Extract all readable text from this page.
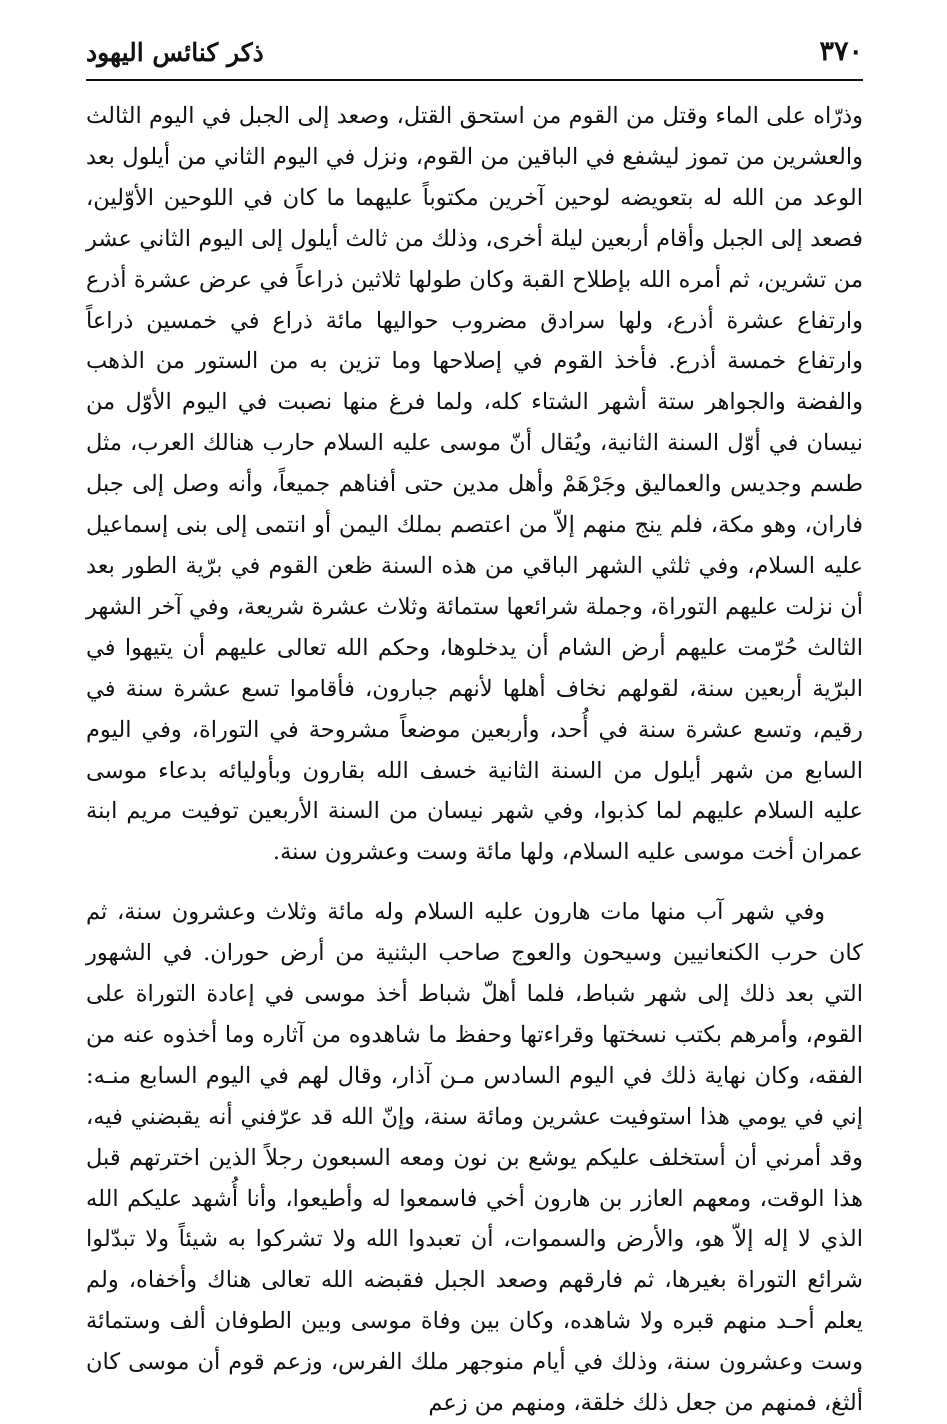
٣٧٠
ذكر كنائس اليهود

وذرّاه على الماء وقتل من القوم من استحق القتل، وصعد إلى الجبل في اليوم الثالث والعشرين من تموز ليشفع في الباقين من القوم، ونزل في اليوم الثاني من أيلول بعد الوعد من الله له بتعويضه لوحين آخرين مكتوباً عليهما ما كان في اللوحين الأوّلين، فصعد إلى الجبل وأقام أربعين ليلة أخرى، وذلك من ثالث أيلول إلى اليوم الثاني عشر من تشرين، ثم أمره الله بإطلاح القبة وكان طولها ثلاثين ذراعاً في عرض عشرة أذرع وارتفاع عشرة أذرع، ولها سرادق مضروب حواليها مائة ذراع في خمسين ذراعاً وارتفاع خمسة أذرع. فأخذ القوم في إصلاحها وما تزين به من الستور من الذهب والفضة والجواهر ستة أشهر الشتاء كله، ولما فرغ منها نصبت في اليوم الأوّل من نيسان في أوّل السنة الثانية، ويُقال أنّ موسى عليه السلام حارب هنالك العرب، مثل طسم وجديس والعماليق وجَرْهَمْ وأهل مدين حتى أفناهم جميعاً، وأنه وصل إلى جبل فاران، وهو مكة، فلم ينج منهم إلاّ من اعتصم بملك اليمن أو انتمى إلى بنى إسماعيل عليه السلام، وفي ثلثي الشهر الباقي من هذه السنة ظعن القوم في برّية الطور بعد أن نزلت عليهم التوراة، وجملة شرائعها ستمائة وثلاث عشرة شريعة، وفي آخر الشهر الثالث حُرّمت عليهم أرض الشام أن يدخلوها، وحكم الله تعالى عليهم أن يتيهوا في البرّية أربعين سنة، لقولهم نخاف أهلها لأنهم جبارون، فأقاموا تسع عشرة سنة في رقيم، وتسع عشرة سنة في أُحد، وأربعين موضعاً مشروحة في التوراة، وفي اليوم السابع من شهر أيلول من السنة الثانية خسف الله بقارون وبأوليائه بدعاء موسى عليه السلام عليهم لما كذبوا، وفي شهر نيسان من السنة الأربعين توفيت مريم ابنة عمران أخت موسى عليه السلام، ولها مائة وست وعشرون سنة.

وفي شهر آب منها مات هارون عليه السلام وله مائة وثلاث وعشرون سنة، ثم كان حرب الكنعانيين وسيحون والعوج صاحب البثنية من أرض حوران. في الشهور التي بعد ذلك إلى شهر شباط، فلما أهلّ شباط أخذ موسى في إعادة التوراة على القوم، وأمرهم بكتب نسختها وقراءتها وحفظ ما شاهدوه من آثاره وما أخذوه عنه من الفقه، وكان نهاية ذلك في اليوم السادس مـن آذار، وقال لهم في اليوم السابع منـه: إني في يومي هذا استوفيت عشرين ومائة سنة، وإنّ الله قد عرّفني أنه يقبضني فيه، وقد أمرني أن أستخلف عليكم يوشع بن نون ومعه السبعون رجلاً الذين اخترتهم قبل هذا الوقت، ومعهم العازر بن هارون أخي فاسمعوا له وأطيعوا، وأنا أُشهد عليكم الله الذي لا إله إلاّ هو، والأرض والسموات، أن تعبدوا الله ولا تشركوا به شيئاً ولا تبدّلوا شرائع التوراة بغيرها، ثم فارقهم وصعد الجبل فقبضه الله تعالى هناك وأخفاه، ولم يعلم أحـد منهم قبره ولا شاهده، وكان بين وفاة موسى وبين الطوفان ألف وستمائة وست وعشرون سنة، وذلك في أيام منوجهر ملك الفرس، وزعم قوم أن موسى كان ألثغ، فمنهم من جعل ذلك خلقة، ومنهم من زعم
